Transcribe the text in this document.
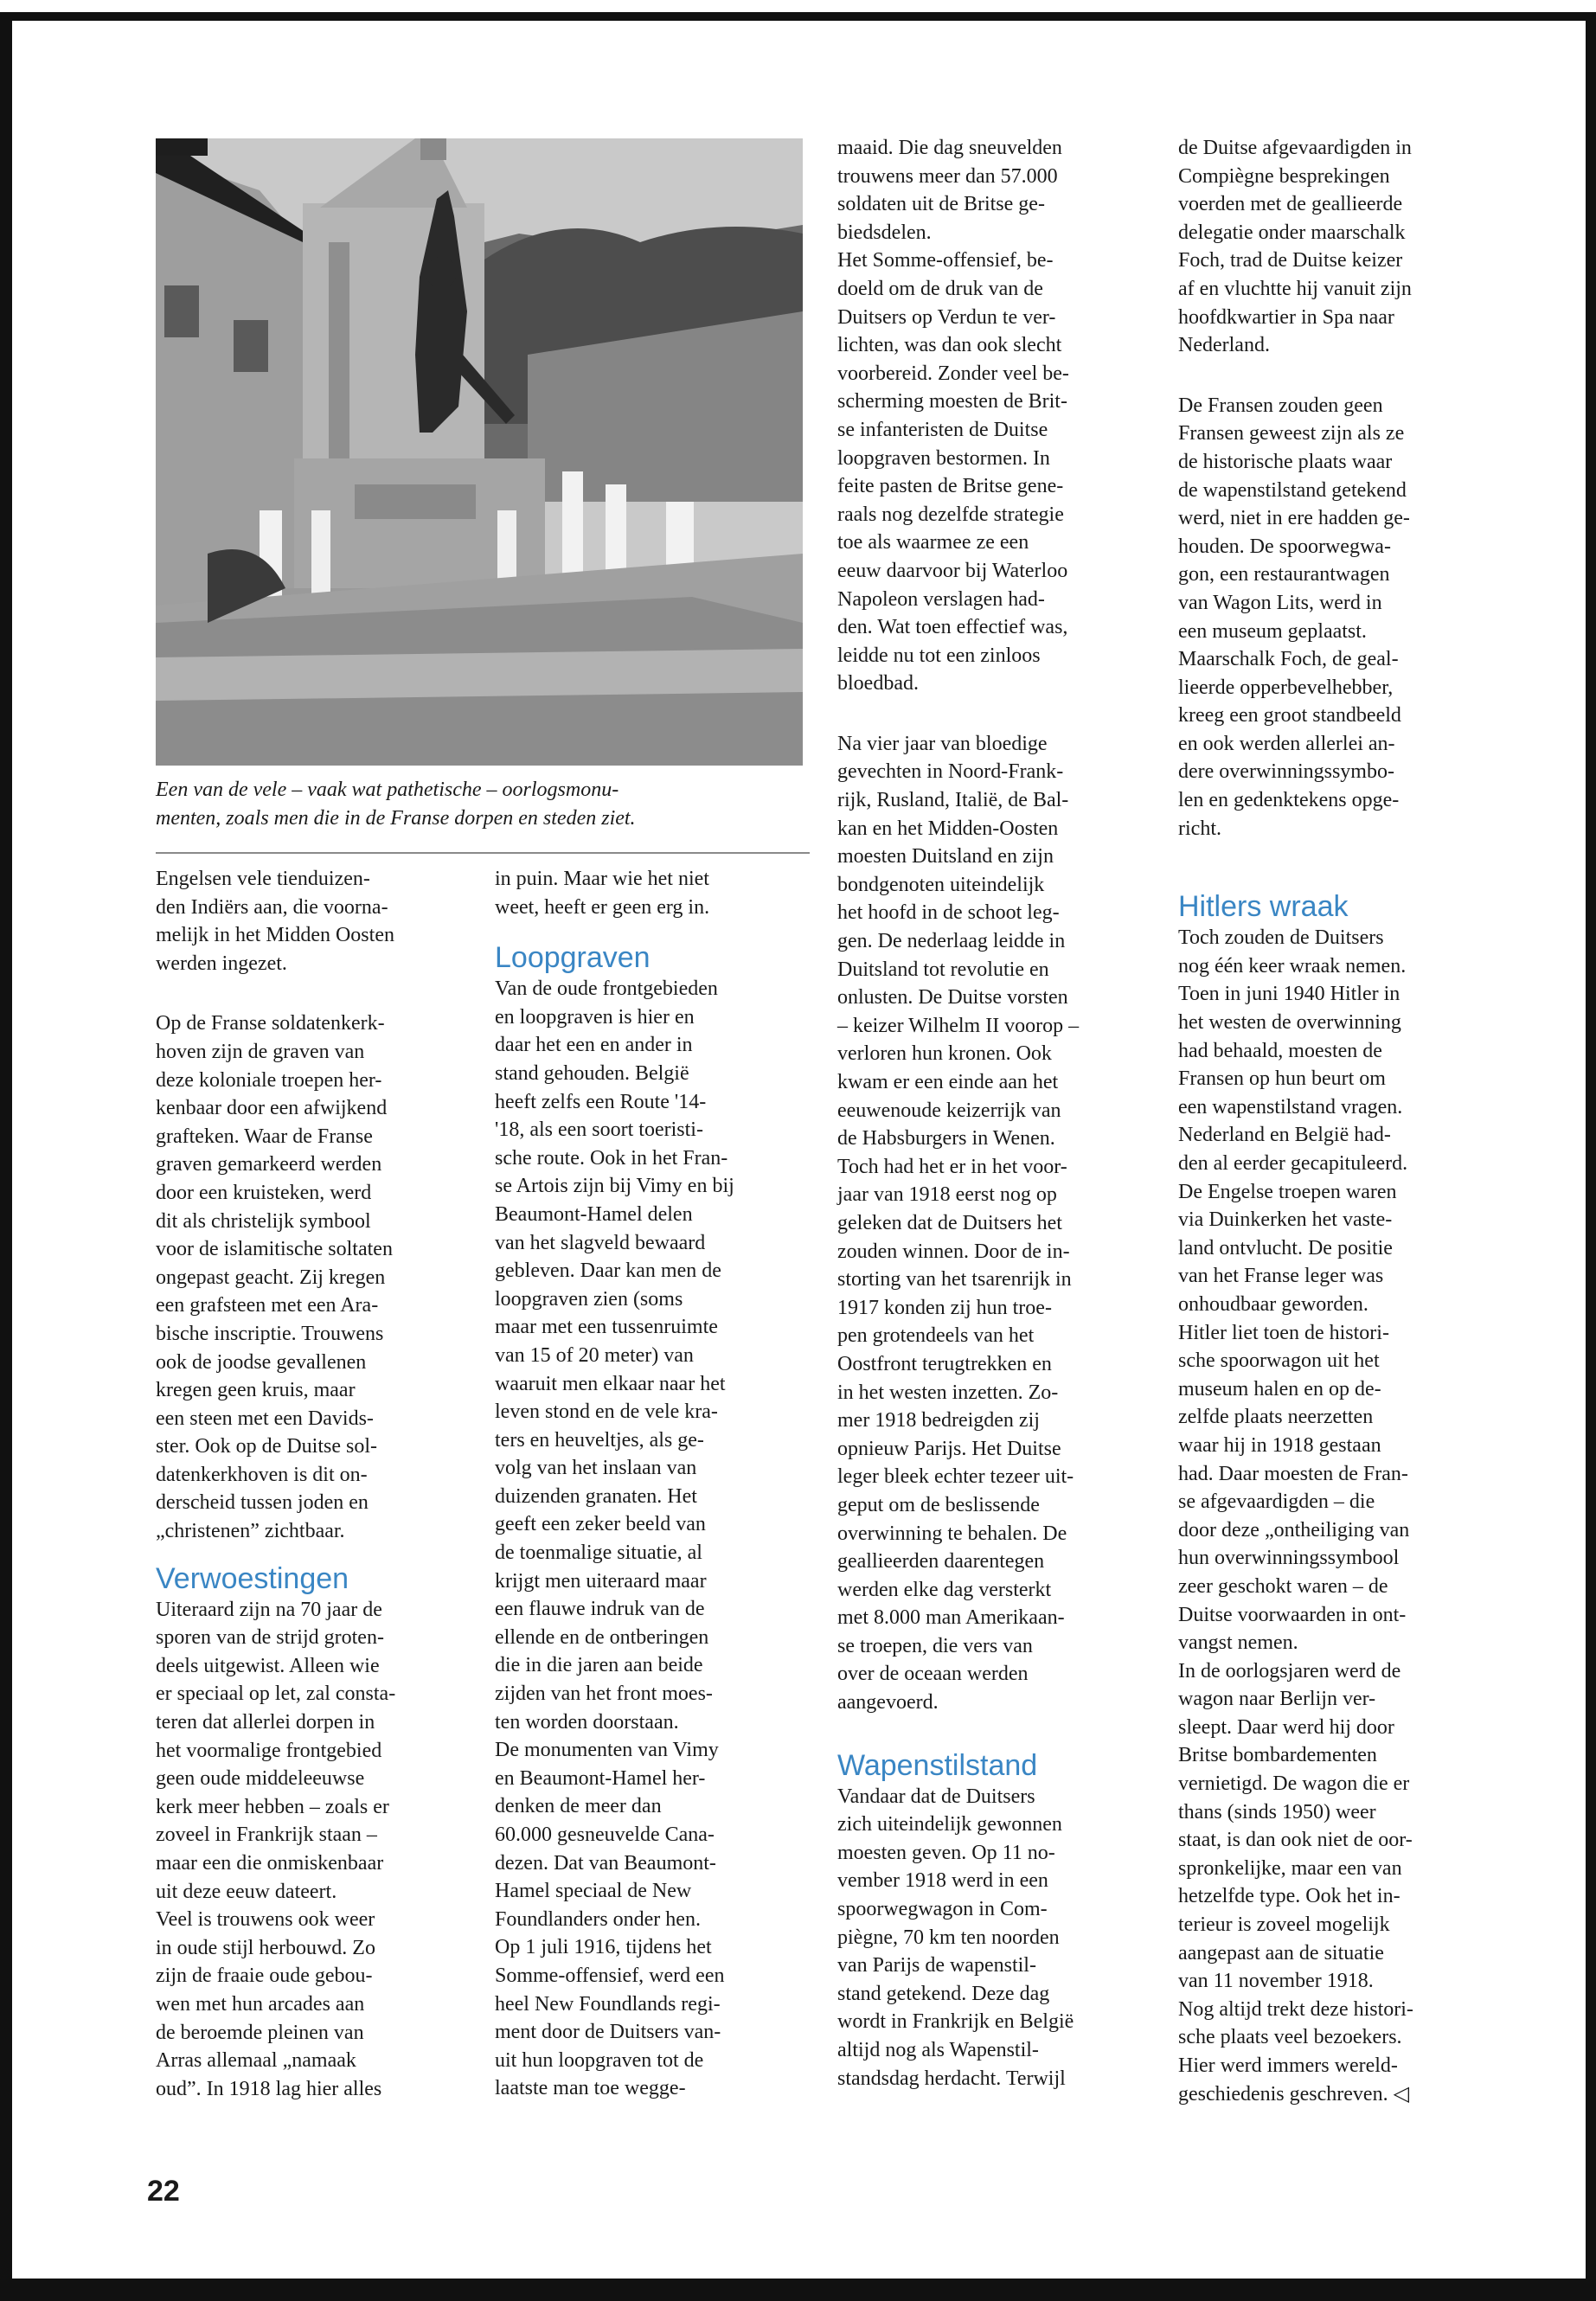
Een van de vele – vaak wat pathetische – oorlogsmonu-
menten, zoals men die in de Franse dorpen en steden ziet.

Engelsen vele tienduizen-
den Indiërs aan, die voorna-
melijk in het Midden Oosten
werden ingezet.

Op de Franse soldatenkerk-
hoven zijn de graven van
deze koloniale troepen her-
kenbaar door een afwijkend
grafteken. Waar de Franse
graven gemarkeerd werden
door een kruisteken, werd
dit als christelijk symbool
voor de islamitische soltaten
ongepast geacht. Zij kregen
een grafsteen met een Ara-
bische inscriptie. Trouwens
ook de joodse gevallenen
kregen geen kruis, maar
een steen met een Davids-
ster. Ook op de Duitse sol-
datenkerkhoven is dit on-
derscheid tussen joden en
„christenen” zichtbaar.

Verwoestingen

Uiteraard zijn na 70 jaar de
sporen van de strijd groten-
deels uitgewist. Alleen wie
er speciaal op let, zal consta-
teren dat allerlei dorpen in
het voormalige frontgebied
geen oude middeleeuwse
kerk meer hebben – zoals er
zoveel in Frankrijk staan –
maar een die onmiskenbaar
uit deze eeuw dateert.
Veel is trouwens ook weer
in oude stijl herbouwd. Zo
zijn de fraaie oude gebou-
wen met hun arcades aan
de beroemde pleinen van
Arras allemaal „namaak
oud”. In 1918 lag hier alles

in puin. Maar wie het niet
weet, heeft er geen erg in.

Loopgraven

Van de oude frontgebieden
en loopgraven is hier en
daar het een en ander in
stand gehouden. België
heeft zelfs een Route '14-
'18, als een soort toeristi-
sche route. Ook in het Fran-
se Artois zijn bij Vimy en bij
Beaumont-Hamel delen
van het slagveld bewaard
gebleven. Daar kan men de
loopgraven zien (soms
maar met een tussenruimte
van 15 of 20 meter) van
waaruit men elkaar naar het
leven stond en de vele kra-
ters en heuveltjes, als ge-
volg van het inslaan van
duizenden granaten. Het
geeft een zeker beeld van
de toenmalige situatie, al
krijgt men uiteraard maar
een flauwe indruk van de
ellende en de ontberingen
die in die jaren aan beide
zijden van het front moes-
ten worden doorstaan.
De monumenten van Vimy
en Beaumont-Hamel her-
denken de meer dan
60.000 gesneuvelde Cana-
dezen. Dat van Beaumont-
Hamel speciaal de New
Foundlanders onder hen.
Op 1 juli 1916, tijdens het
Somme-offensief, werd een
heel New Foundlands regi-
ment door de Duitsers van-
uit hun loopgraven tot de
laatste man toe wegge-

maaid. Die dag sneuvelden
trouwens meer dan 57.000
soldaten uit de Britse ge-
biedsdelen.
Het Somme-offensief, be-
doeld om de druk van de
Duitsers op Verdun te ver-
lichten, was dan ook slecht
voorbereid. Zonder veel be-
scherming moesten de Brit-
se infanteristen de Duitse
loopgraven bestormen. In
feite pasten de Britse gene-
raals nog dezelfde strategie
toe als waarmee ze een
eeuw daarvoor bij Waterloo
Napoleon verslagen had-
den. Wat toen effectief was,
leidde nu tot een zinloos
bloedbad.

Na vier jaar van bloedige
gevechten in Noord-Frank-
rijk, Rusland, Italië, de Bal-
kan en het Midden-Oosten
moesten Duitsland en zijn
bondgenoten uiteindelijk
het hoofd in de schoot leg-
gen. De nederlaag leidde in
Duitsland tot revolutie en
onlusten. De Duitse vorsten
– keizer Wilhelm II voorop –
verloren hun kronen. Ook
kwam er een einde aan het
eeuwenoude keizerrijk van
de Habsburgers in Wenen.
Toch had het er in het voor-
jaar van 1918 eerst nog op
geleken dat de Duitsers het
zouden winnen. Door de in-
storting van het tsarenrijk in
1917 konden zij hun troe-
pen grotendeels van het
Oostfront terugtrekken en
in het westen inzetten. Zo-
mer 1918 bedreigden zij
opnieuw Parijs. Het Duitse
leger bleek echter tezeer uit-
geput om de beslissende
overwinning te behalen. De
geallieerden daarentegen
werden elke dag versterkt
met 8.000 man Amerikaan-
se troepen, die vers van
over de oceaan werden
aangevoerd.

Wapenstilstand

Vandaar dat de Duitsers
zich uiteindelijk gewonnen
moesten geven. Op 11 no-
vember 1918 werd in een
spoorwegwagon in Com-
piègne, 70 km ten noorden
van Parijs de wapenstil-
stand getekend. Deze dag
wordt in Frankrijk en België
altijd nog als Wapenstil-
standsdag herdacht. Terwijl

de Duitse afgevaardigden in
Compiègne besprekingen
voerden met de geallieerde
delegatie onder maarschalk
Foch, trad de Duitse keizer
af en vluchtte hij vanuit zijn
hoofdkwartier in Spa naar
Nederland.

De Fransen zouden geen
Fransen geweest zijn als ze
de historische plaats waar
de wapenstilstand getekend
werd, niet in ere hadden ge-
houden. De spoorwegwa-
gon, een restaurantwagen
van Wagon Lits, werd in
een museum geplaatst.
Maarschalk Foch, de geal-
lieerde opperbevelhebber,
kreeg een groot standbeeld
en ook werden allerlei an-
dere overwinningssymbo-
len en gedenktekens opge-
richt.

Hitlers wraak

Toch zouden de Duitsers
nog één keer wraak nemen.
Toen in juni 1940 Hitler in
het westen de overwinning
had behaald, moesten de
Fransen op hun beurt om
een wapenstilstand vragen.
Nederland en België had-
den al eerder gecapituleerd.
De Engelse troepen waren
via Duinkerken het vaste-
land ontvlucht. De positie
van het Franse leger was
onhoudbaar geworden.
Hitler liet toen de histori-
sche spoorwagon uit het
museum halen en op de-
zelfde plaats neerzetten
waar hij in 1918 gestaan
had. Daar moesten de Fran-
se afgevaardigden – die
door deze „ontheiliging van
hun overwinningssymbool
zeer geschokt waren – de
Duitse voorwaarden in ont-
vangst nemen.
In de oorlogsjaren werd de
wagon naar Berlijn ver-
sleept. Daar werd hij door
Britse bombardementen
vernietigd. De wagon die er
thans (sinds 1950) weer
staat, is dan ook niet de oor-
spronkelijke, maar een van
hetzelfde type. Ook het in-
terieur is zoveel mogelijk
aangepast aan de situatie
van 11 november 1918.
Nog altijd trekt deze histori-
sche plaats veel bezoekers.
Hier werd immers wereld-
geschiedenis geschreven. ◁

22
